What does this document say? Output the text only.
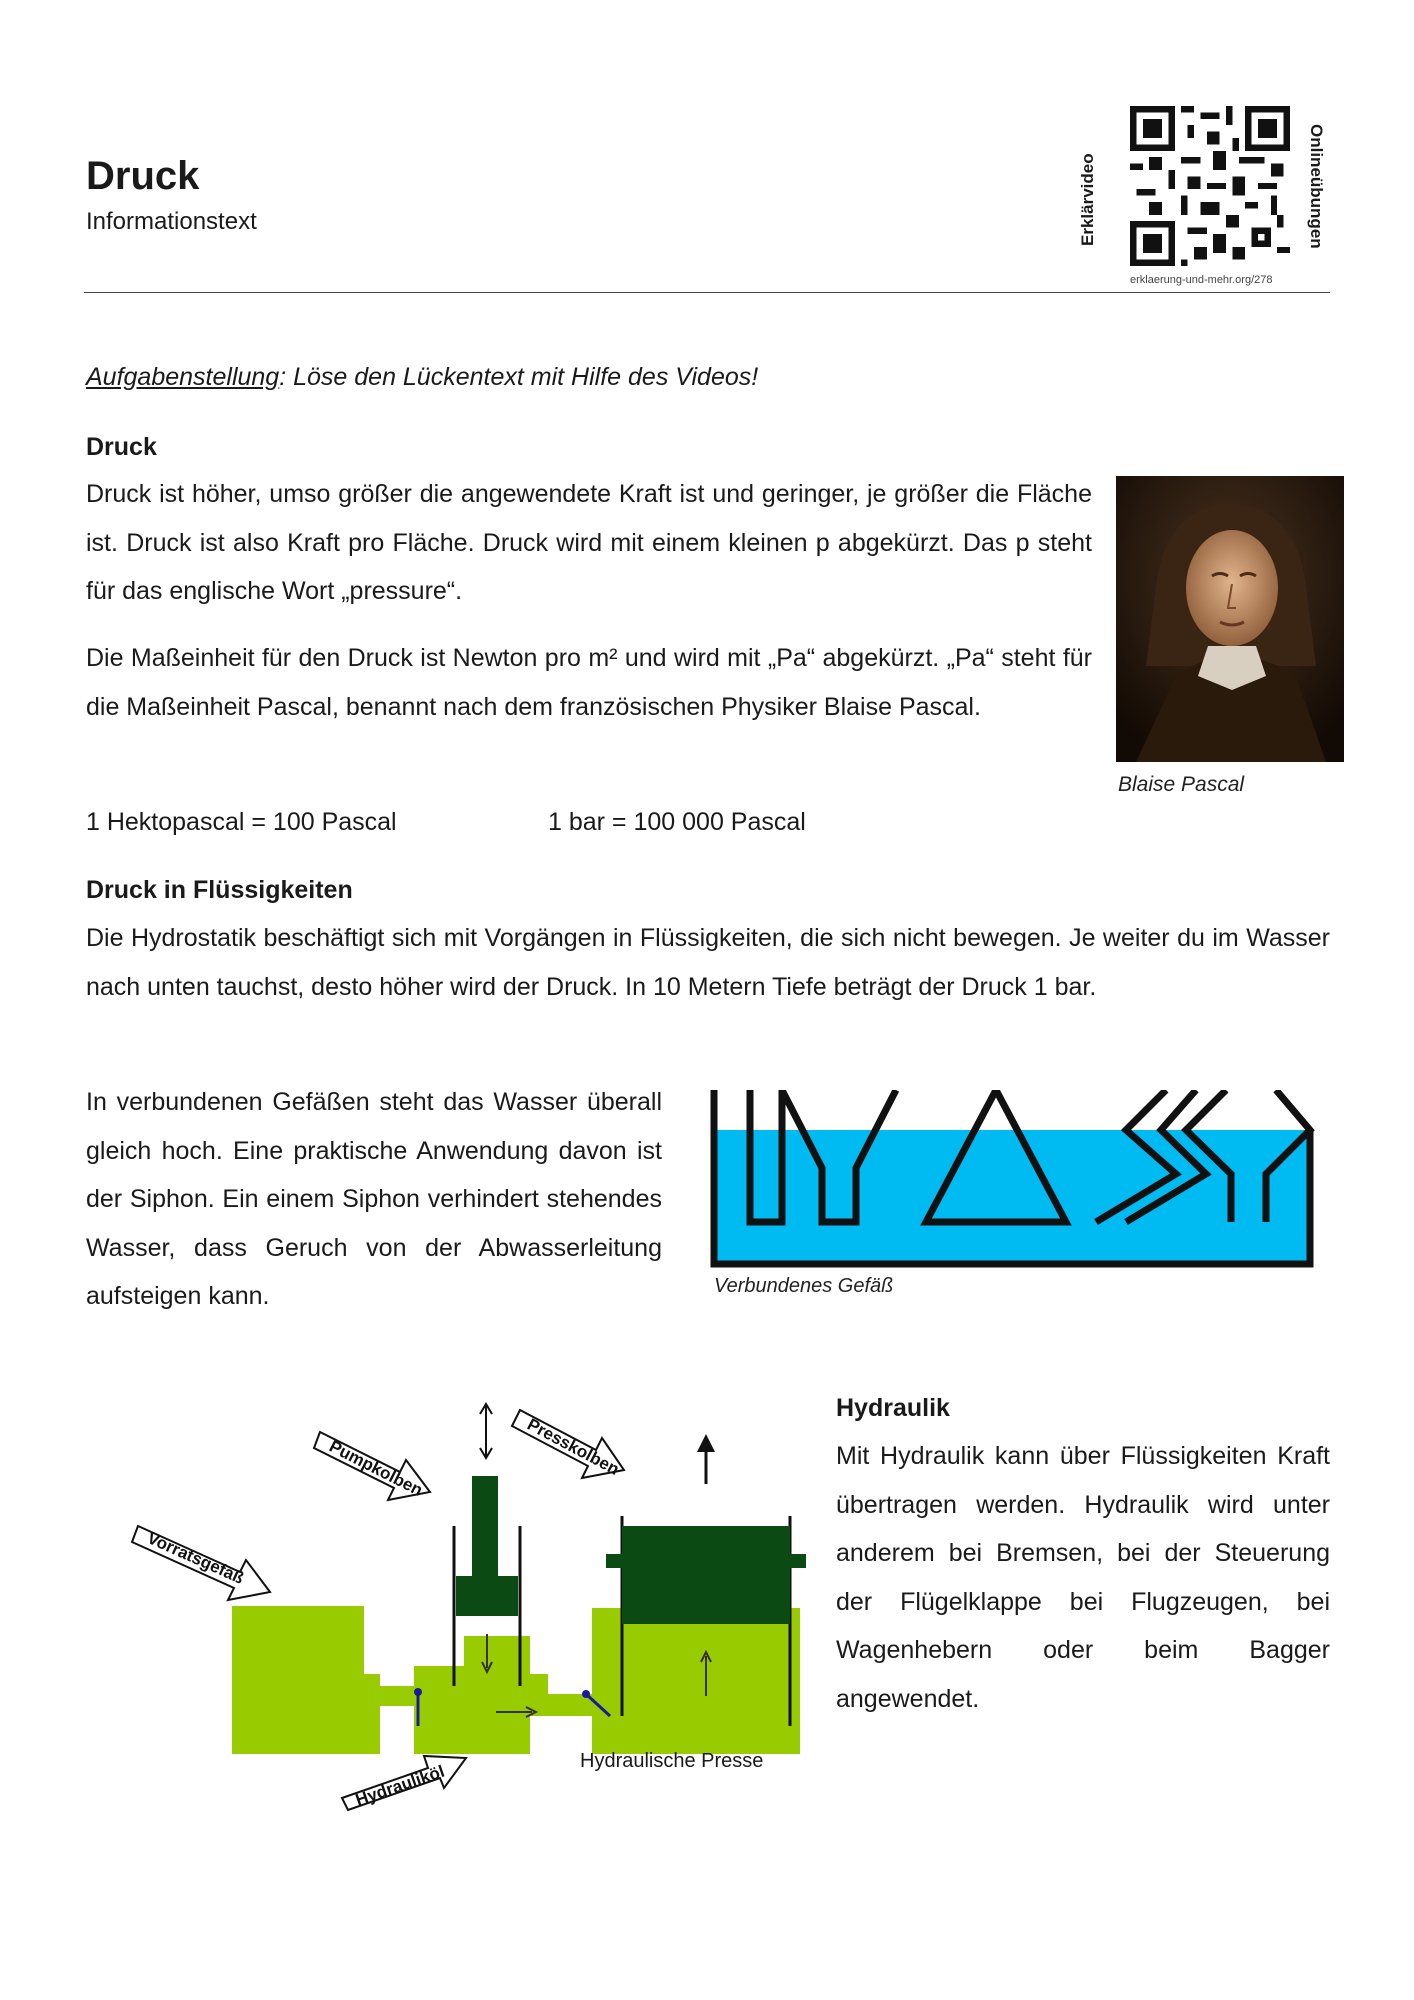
Druck
Informationstext	Erklärvideo	Onlineübungen
erklaerung-und-mehr.org/278
Aufgabenstellung: Löse den Lückentext mit Hilfe des Videos!
Druck
Druck ist höher, umso größer die angewendete Kraft ist und geringer, je größer die Fläche ist. Druck ist also Kraft pro Fläche. Druck wird mit einem kleinen p abgekürzt. Das p steht für das englische Wort „pressure“.
Die Maßeinheit für den Druck ist Newton pro m² und wird mit „Pa“ abgekürzt. „Pa“ steht für die Maßeinheit Pascal, benannt nach dem französischen Physiker Blaise Pascal.
1 Hektopascal = 100 Pascal	1 bar = 100 000 Pascal
Blaise Pascal
Druck in Flüssigkeiten
Die Hydrostatik beschäftigt sich mit Vorgängen in Flüssigkeiten, die sich nicht bewegen. Je weiter du im Wasser nach unten tauchst, desto höher wird der Druck. In 10 Metern Tiefe beträgt der Druck 1 bar.
In verbundenen Gefäßen steht das Wasser überall gleich hoch. Eine praktische Anwendung davon ist der Siphon. Ein einem Siphon verhindert stehendes Wasser, dass Geruch von der Abwasserleitung aufsteigen kann.	Verbundenes Gefäß
Hydraulik
Mit Hydraulik kann über Flüssigkeiten Kraft übertragen werden. Hydraulik wird unter anderem bei Bremsen, bei der Steuerung der Flügelklappe bei Flugzeugen, bei Wagenhebern oder beim Bagger angewendet.
Vorratsgefäß
Pumpkolben	Presskolben
Hydrauliköl
Hydraulische Presse
